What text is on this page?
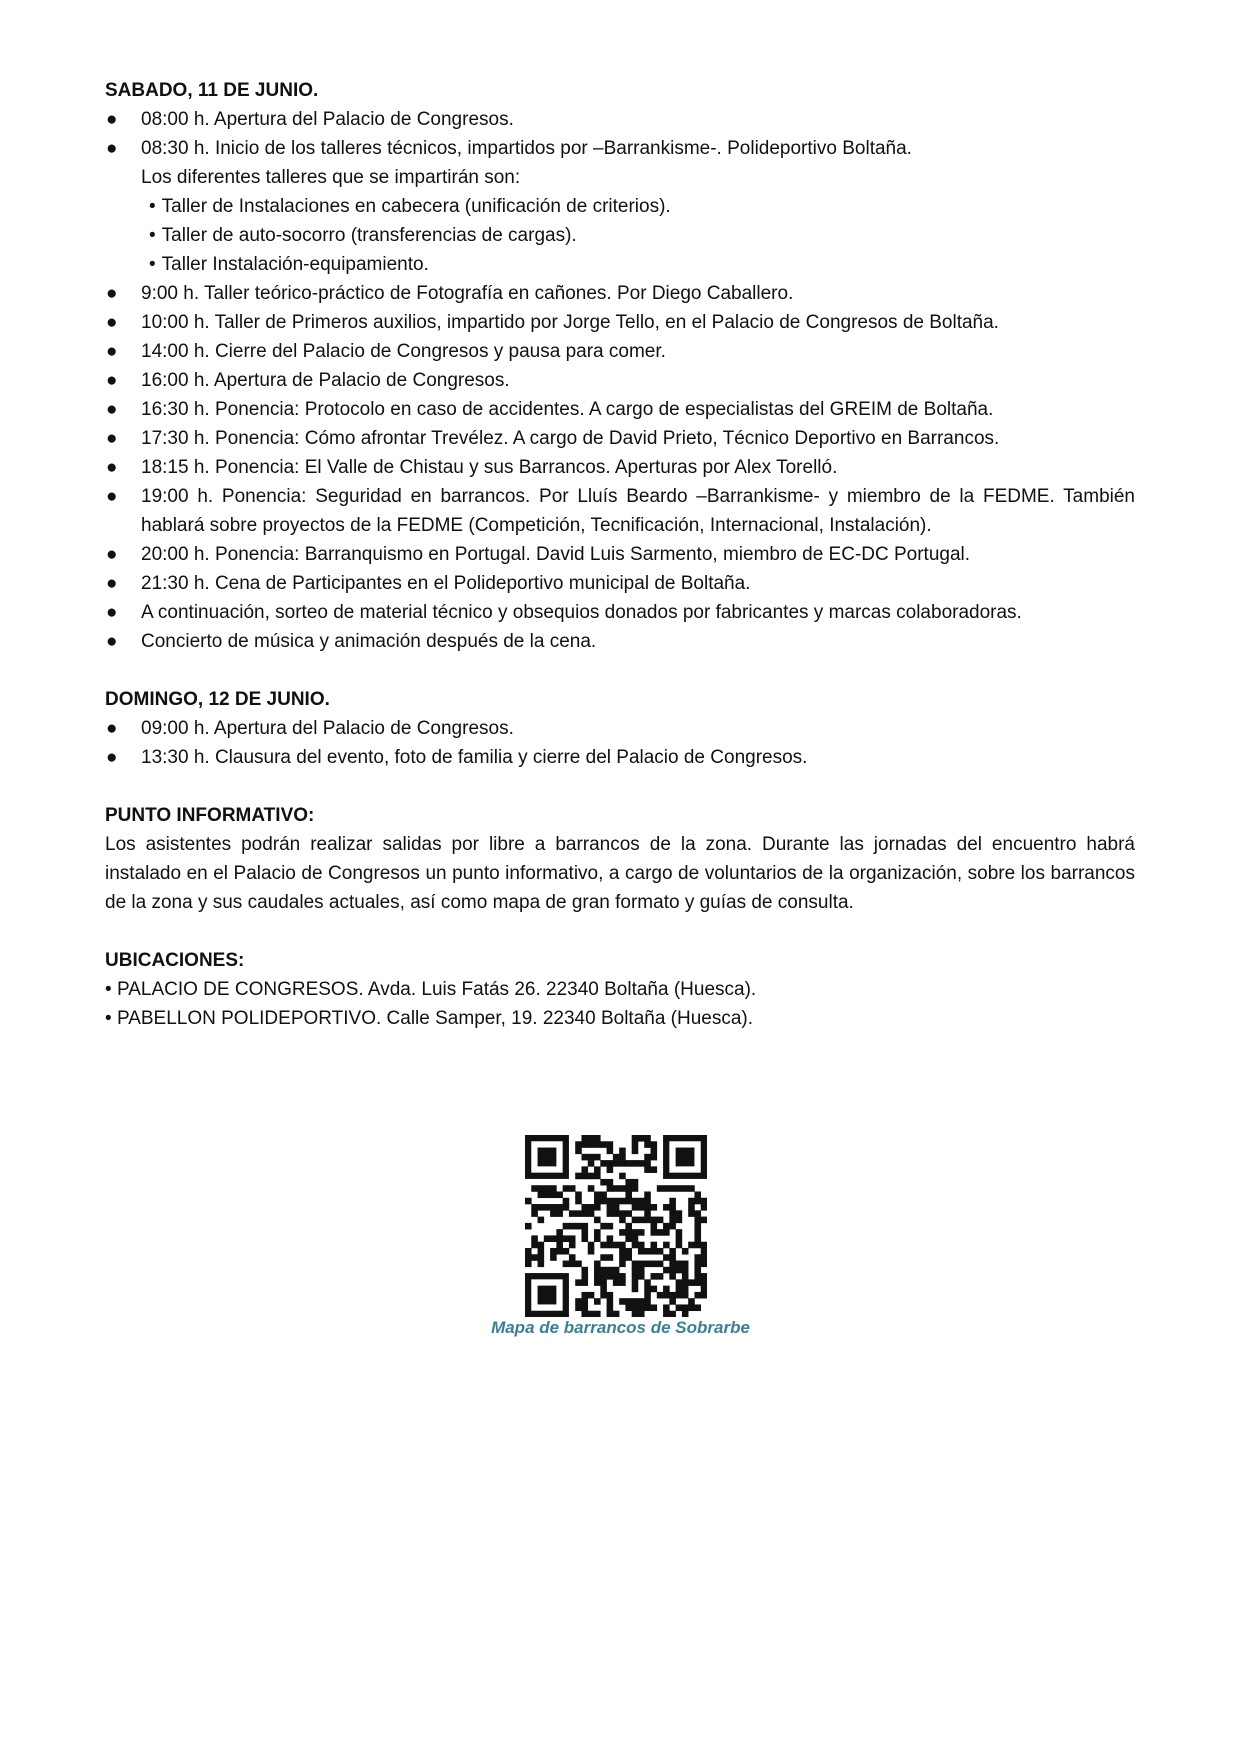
SABADO, 11 DE JUNIO.
● 08:00 h. Apertura del Palacio de Congresos.
● 08:30 h. Inicio de los talleres técnicos, impartidos por –Barrankisme-. Polideportivo Boltaña.
Los diferentes talleres que se impartirán son:
• Taller de Instalaciones en cabecera (unificación de criterios).
• Taller de auto-socorro (transferencias de cargas).
• Taller Instalación-equipamiento.
● 9:00 h. Taller teórico-práctico de Fotografía en cañones. Por Diego Caballero.
● 10:00 h. Taller de Primeros auxilios, impartido por Jorge Tello, en el Palacio de Congresos de Boltaña.
● 14:00 h. Cierre del Palacio de Congresos y pausa para comer.
● 16:00 h. Apertura de Palacio de Congresos.
● 16:30 h. Ponencia: Protocolo en caso de accidentes. A cargo de especialistas del GREIM de Boltaña.
● 17:30 h. Ponencia: Cómo afrontar Trevélez. A cargo de David Prieto, Técnico Deportivo en Barrancos.
● 18:15 h. Ponencia: El Valle de Chistau y sus Barrancos. Aperturas por Alex Torelló.
● 19:00 h. Ponencia: Seguridad en barrancos. Por Lluís Beardo –Barrankisme- y miembro de la FEDME. También hablará sobre proyectos de la FEDME (Competición, Tecnificación, Internacional, Instalación).
● 20:00 h. Ponencia: Barranquismo en Portugal. David Luis Sarmento, miembro de EC-DC Portugal.
● 21:30 h. Cena de Participantes en el Polideportivo municipal de Boltaña.
● A continuación, sorteo de material técnico y obsequios donados por fabricantes y marcas colaboradoras.
● Concierto de música y animación después de la cena.
DOMINGO, 12 DE JUNIO.
● 09:00 h. Apertura del Palacio de Congresos.
● 13:30 h. Clausura del evento, foto de familia y cierre del Palacio de Congresos.
PUNTO INFORMATIVO:

Los asistentes podrán realizar salidas por libre a barrancos de la zona. Durante las jornadas del encuentro habrá instalado en el Palacio de Congresos un punto informativo, a cargo de voluntarios de la organización, sobre los barrancos de la zona y sus caudales actuales, así como mapa de gran formato y guías de consulta.

UBICACIONES:

• PALACIO DE CONGRESOS. Avda. Luis Fatás 26. 22340 Boltaña (Huesca).

• PABELLON POLIDEPORTIVO. Calle Samper, 19. 22340 Boltaña (Huesca).

Mapa de barrancos de Sobrarbe
